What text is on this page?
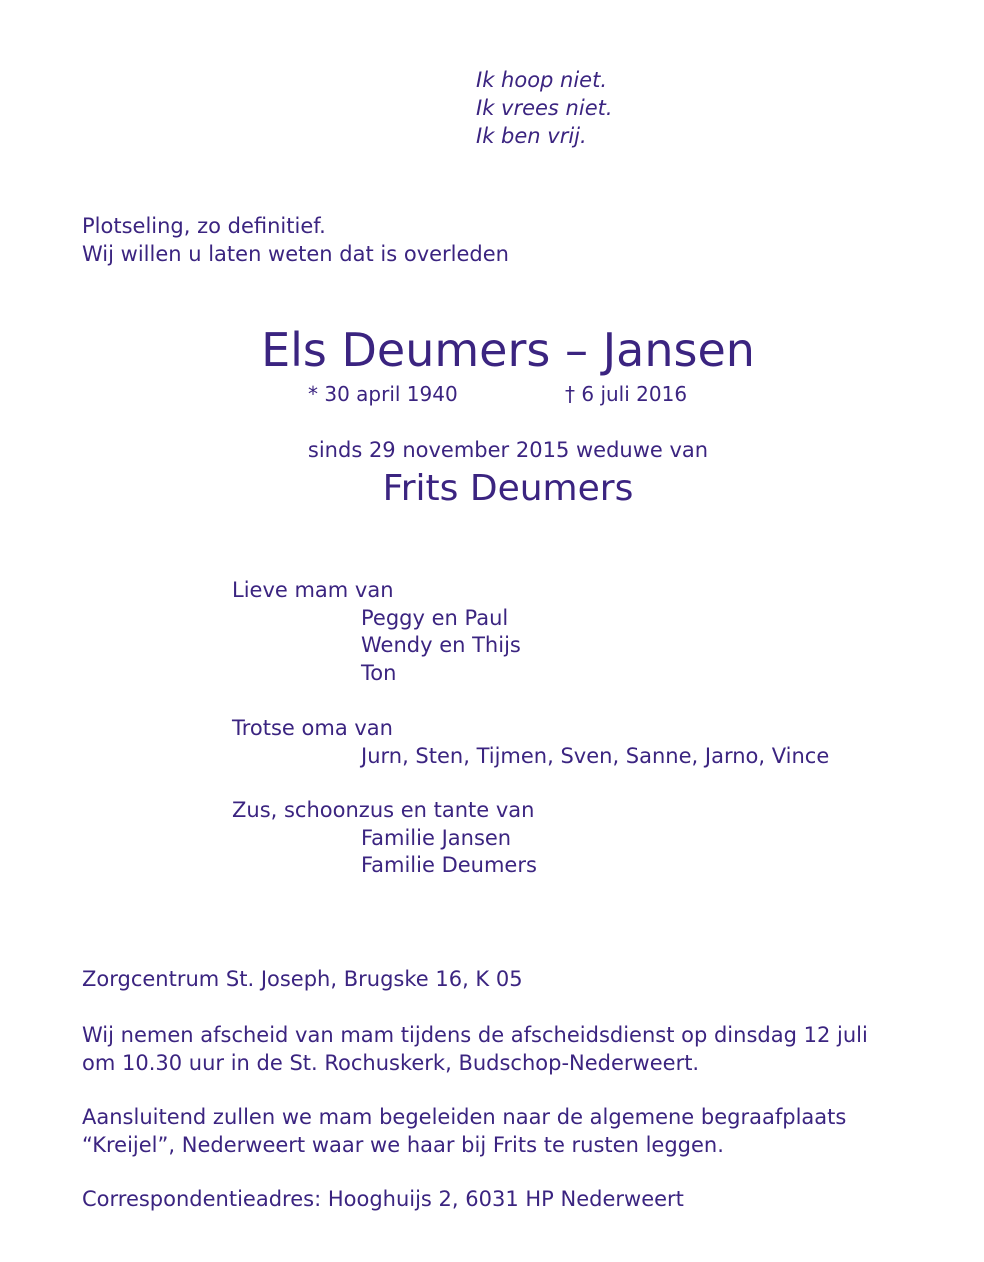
Ik hoop niet.
Ik vrees niet.
Ik ben vrij.
Plotseling, zo definitief.
Wij willen u laten weten dat is overleden
Els Deumers – Jansen
* 30 april 1940	† 6 juli 2016
sinds 29 november 2015 weduwe van
Frits Deumers
Lieve mam van
Peggy en Paul
Wendy en Thijs
Ton
Trotse oma van
Jurn, Sten, Tijmen, Sven, Sanne, Jarno, Vince
Zus, schoonzus en tante van
Familie Jansen
Familie Deumers
Zorgcentrum St. Joseph, Brugske 16, K 05
Wij nemen afscheid van mam tijdens de afscheidsdienst op dinsdag 12 juli
om 10.30 uur in de St. Rochuskerk, Budschop-Nederweert.
Aansluitend zullen we mam begeleiden naar de algemene begraafplaats
“Kreijel”, Nederweert waar we haar bij Frits te rusten leggen.
Correspondentieadres: Hooghuijs 2, 6031 HP Nederweert
